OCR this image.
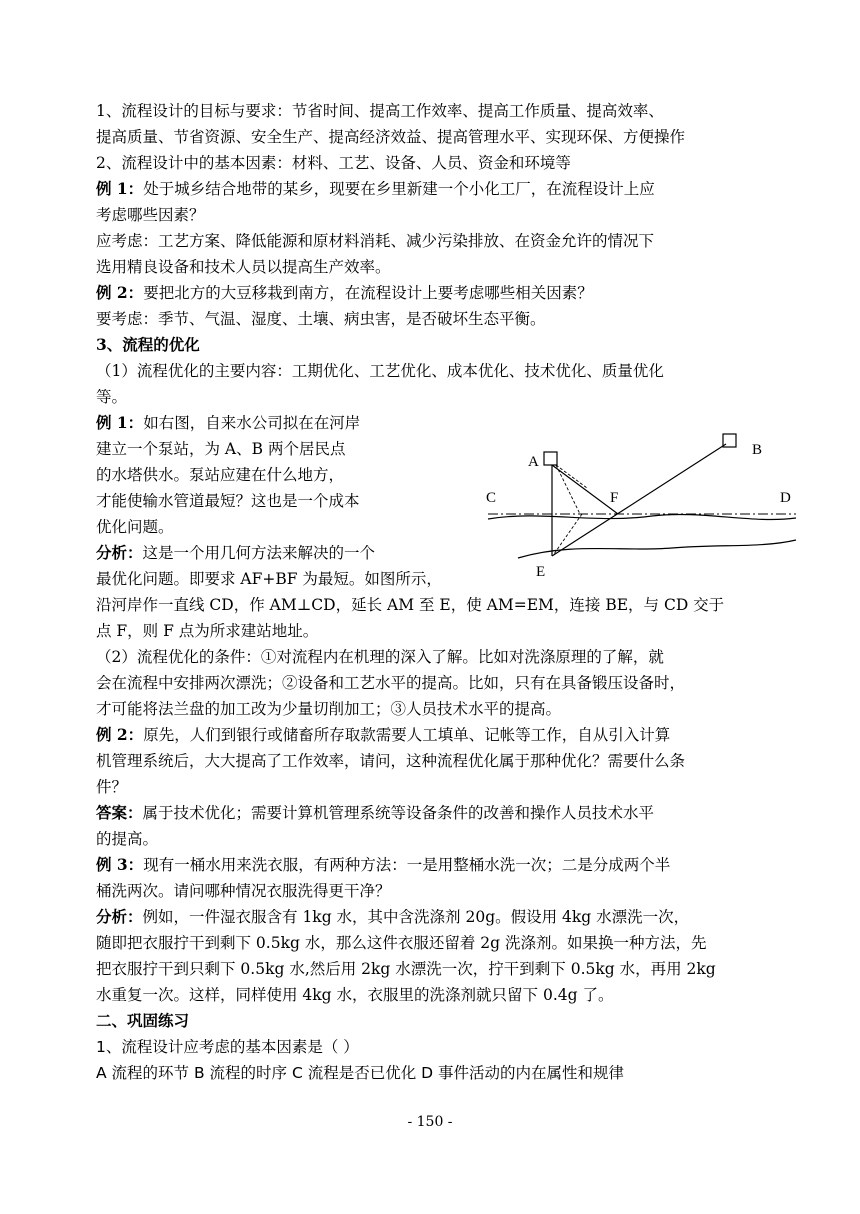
1、流程设计的目标与要求：节省时间、提高工作效率、提高工作质量、提高效率、
提高质量、节省资源、安全生产、提高经济效益、提高管理水平、实现环保、方便操作
2、流程设计中的基本因素：材料、工艺、设备、人员、资金和环境等
例 1：处于城乡结合地带的某乡，现要在乡里新建一个小化工厂，在流程设计上应
考虑哪些因素？
应考虑：工艺方案、降低能源和原材料消耗、减少污染排放、在资金允许的情况下
选用精良设备和技术人员以提高生产效率。
例 2：要把北方的大豆移栽到南方，在流程设计上要考虑哪些相关因素？
要考虑：季节、气温、湿度、土壤、病虫害，是否破坏生态平衡。
3、流程的优化
（1）流程优化的主要内容：工期优化、工艺优化、成本优化、技术优化、质量优化
等。
例 1：如右图，自来水公司拟在在河岸
建立一个泵站，为 A、B 两个居民点
的水塔供水。泵站应建在什么地方，
才能使输水管道最短？这也是一个成本
优化问题。
分析：这是一个用几何方法来解决的一个
最优化问题。即要求 AF+BF 为最短。如图所示，
沿河岸作一直线 CD，作 AM⊥CD，延长 AM 至 E，使 AM=EM，连接 BE，与 CD 交于
点 F，则 F 点为所求建站地址。
（2）流程优化的条件：①对流程内在机理的深入了解。比如对洗涤原理的了解，就
会在流程中安排两次漂洗；②设备和工艺水平的提高。比如，只有在具备锻压设备时，
才可能将法兰盘的加工改为少量切削加工；③人员技术水平的提高。
例 2：原先，人们到银行或储畜所存取款需要人工填单、记帐等工作，自从引入计算
机管理系统后，大大提高了工作效率，请问，这种流程优化属于那种优化？需要什么条
件？
答案：属于技术优化；需要计算机管理系统等设备条件的改善和操作人员技术水平
的提高。
例 3：现有一桶水用来洗衣服，有两种方法：一是用整桶水洗一次；二是分成两个半
桶洗两次。请问哪种情况衣服洗得更干净？
分析：例如，一件湿衣服含有 1kg 水，其中含洗涤剂 20g。假设用 4kg 水漂洗一次，
随即把衣服拧干到剩下 0.5kg 水，那么这件衣服还留着 2g 洗涤剂。如果换一种方法，先
把衣服拧干到只剩下 0.5kg 水,然后用 2kg 水漂洗一次，拧干到剩下 0.5kg 水，再用 2kg
水重复一次。这样，同样使用 4kg 水，衣服里的洗涤剂就只留下 0.4g 了。
二、巩固练习
1、流程设计应考虑的基本因素是（ ）
A 流程的环节 B 流程的时序 C 流程是否已优化 D 事件活动的内在属性和规律
A
B
C	D
E
F
- 150 -
